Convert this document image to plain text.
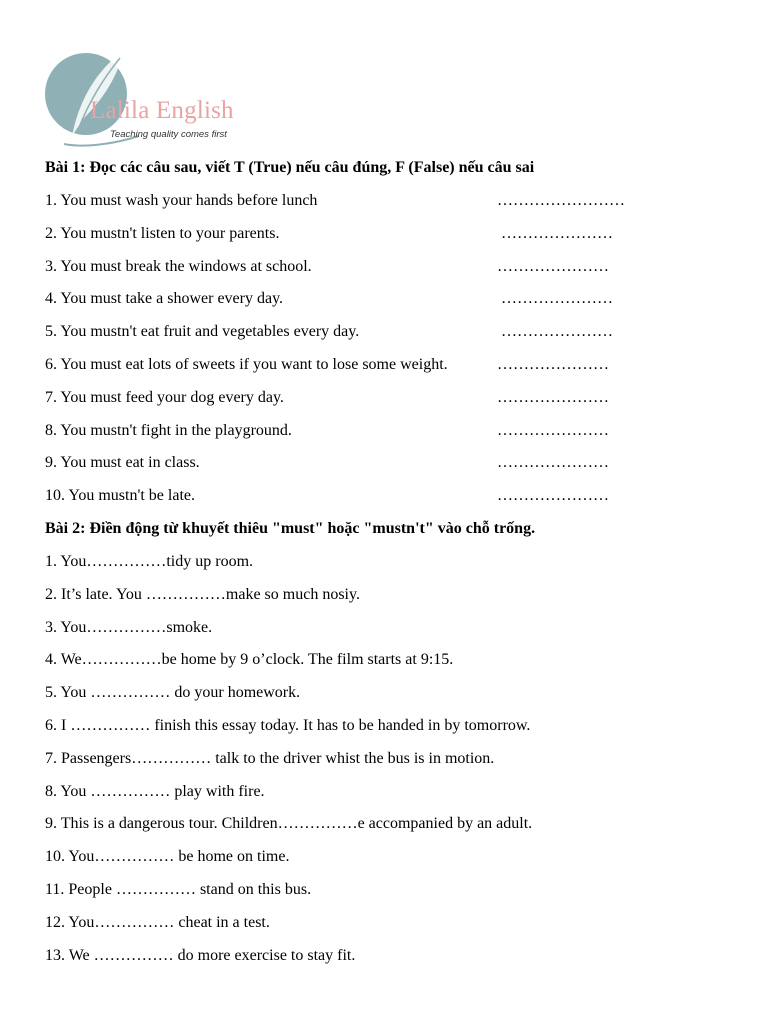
Lalila English
Teaching quality comes first
Bài 1: Đọc các câu sau, viết T (True) nếu câu đúng, F (False) nếu câu sai
1. You must wash your hands before lunch	……………………
2. You mustn't listen to your parents.	…………………
3. You must break the windows at school.	…………………
4. You must take a shower every day.	…………………
5. You mustn't eat fruit and vegetables every day.	…………………
6. You must eat lots of sweets if you want to lose some weight.	…………………
7. You must feed your dog every day.	…………………
8. You mustn't fight in the playground.	…………………
9. You must eat in class.	…………………
10. You mustn't be late.	…………………
Bài 2: Điền động từ khuyết thiêu "must" hoặc "mustn't" vào chỗ trống.
1. You……………tidy up room.
2. It’s late. You ……………make so much nosiy.
3. You……………smoke.
4. We……………be home by 9 o’clock. The film starts at 9:15.
5. You …………… do your homework.
6. I …………… finish this essay today. It has to be handed in by tomorrow.
7. Passengers…………… talk to the driver whist the bus is in motion.
8. You …………… play with fire.
9. This is a dangerous tour. Children……………e accompanied by an adult.
10. You…………… be home on time.
11. People …………… stand on this bus.
12. You…………… cheat in a test.
13. We …………… do more exercise to stay fit.
